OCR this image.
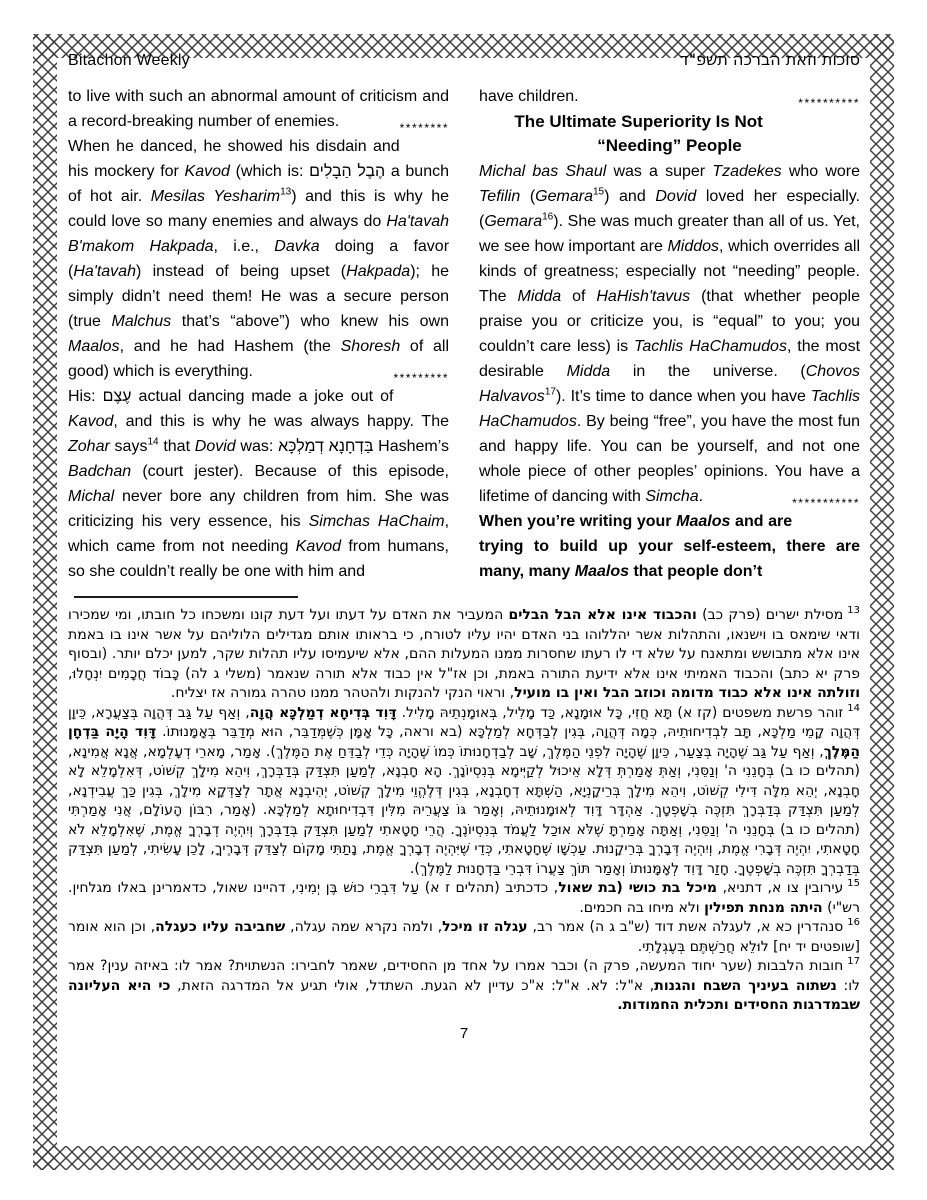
Bitachon Weekly	סוכות וזאת הברכה תשפ"ד

to live with such an abnormal amount of criticism and a record-breaking number of enemies.	********

When he danced, he showed his disdain and his mockery for Kavod (which is: הֶבֶל הַבָלִים a bunch of hot air. Mesilas Yesharim$^{13}$) and this is why he could love so many enemies and always do Ha'tavah B'makom Hakpada, i.e., Davka doing a favor (Ha'tavah) instead of being upset (Hakpada); he simply didn’t need them! He was a secure person (true Malchus that’s “above”) who knew his own Maalos, and he had Hashem (the Shoresh of all good) which is everything.	*********

His: עֶצֶם actual dancing made a joke out of Kavod, and this is why he was always happy. The Zohar says$^{14}$ that Dovid was: בַּדְחָנָא דְמַלְכָּא Hashem’s Badchan (court jester). Because of this episode, Michal never bore any children from him. She was criticizing his very essence, his Simchas HaChaim, which came from not needing Kavod from humans, so she couldn’t really be one with him and

have children.	**********

The Ultimate Superiority Is Not
“Needing” People

Michal bas Shaul was a super Tzadekes who wore Tefilin (Gemara$^{15}$) and Dovid loved her especially. (Gemara$^{16}$). She was much greater than all of us. Yet, we see how important are Middos, which overrides all kinds of greatness; especially not “needing” people. The Midda of HaHish'tavus (that whether people praise you or criticize you, is “equal” to you; you couldn’t care less) is Tachlis HaChamudos, the most desirable Midda in the universe. (Chovos Halvavos$^{17}$). It’s time to dance when you have Tachlis HaChamudos. By being “free”, you have the most fun and happy life. You can be yourself, and not one whole piece of other peoples’ opinions. You have a lifetime of dancing with Simcha.	***********

When you’re writing your Maalos and are trying to build up your self-esteem, there are many, many Maalos that people don’t

$^{13}$מסילת ישרים (פרק כב) והכבוד אינו אלא הבל הבלים המעביר את האדם על דעתו ועל דעת קונו ומשכחו כל חובתו, ומי שמכירו ודאי שימאס בו וישנאו, והתהלות אשר יהללוהו בני האדם יהיו עליו לטורח, כי בראותו אותם מגדילים הלוליהם על אשר אינו בו באמת אינו אלא מתבושש ומתאנח על שלא די לו רעתו שחסרות ממנו המעלות ההם, אלא שיעמיסו עליו תהלות שקר, למען יכלם יותר. (ובסוף פרק יא כתב) והכבוד האמיתי אינו אלא ידיעת התורה באמת, וכן אז"ל אין כבוד אלא תורה שנאמר (משלי ג לה) כָּבוֹד חֲכָמִים יִנְחָלוּ, וזולתה אינו אלא כבוד מדומה וכוזב הבל ואין בו מועיל, וראוי הנקי להנקות ולהטהר ממנו טהרה גמורה אז יצליח.
$^{14}$זוהר פרשת משפטים (קז א) תָּא חֲזִי, כָּל אוּמָנָא, כַּד מָלִיל, בְּאוּמָנְתֵיהּ מָלִיל. דָּוִד בְּדִיחָא דְמַלְכָּא הֲוָה, וְאַף עַל גַּב דְּהֲוָה בְּצַעֲרָא, כֵּיוָן דְּהֲוָה קָמֵי מַלְכָּא, תָּב לִבְדִיחוּתֵיהּ, כְּמָה דְּהֲוָה, בְּגִין לְבַדְּחָא לְמַלְכָּא (בא וראה, כָּל אָמָּן כְּשֶׁמְּדַבֵּר, הוּא מְדַבֵּר בְּאָמָּנוּתוֹ. דָּוִד הָיָה בַּדְחָן הַמֶּלֶךְ, וְאַף עַל גַּב שֶׁהָיָה בְּצַעַר, כֵּיוָן שֶׁהָיָה לִפְנֵי הַמֶּלֶךְ, שָׁב לְבַדְחָנוּתוֹ כְּמוֹ שֶׁהָיָה כְּדֵי לְבַדֵּחַ אֶת הַמֶּלֶךְ). אָמַר, מָארֵי דְעָלְמָא, אֲנָא אֲמִינָא, (תהלים כו ב) בְּחָנֵנִי ה' וְנַסֵּנִי, וְאַתְּ אָמַרְתְּ דְּלָא אֵיכוּל לְקַיְּימָא בְּנִסְיוֹנָךְ. הָא חָבְנָא, לְמַעַן תִּצְדַּק בְּדַבְּרָךְ, וִיהֵא מִילָךְ קְשׁוֹט, דְּאִלְמָלֵא לָא חָבְנָא, יְהֵא מִלָּה דִּילִי קְשׁוֹט, וִיהֵא מִילָךְ בְּרֵיקָנְיָא, הַשְׁתָּא דְחָבְנָא, בְּגִין דְּלֶהֱוֵי מִילָךְ קְשׁוֹט, יְהִיבְנָא אֲתָר לְצַדְּקָא מִילָךְ, בְּגִין כַּךְ עֲבִידְנָא, לְמַעַן תִּצְדַּק בְּדַבְּרָךְ תִּזְכֶּה בְשָׁפְטָךְ. אַהְדָּר דָּוִד לְאוּמָנוּתֵיהּ, וְאָמַר גּוֹ צַעֲרֵיהּ מִלִּין דִּבְדִיחוּתָא לְמַלְכָּא. (אָמַר, רִבּוֹן הָעוֹלָם, אֲנִי אָמַרְתִּי (תהלים כו ב) בְּחָנֵנִי ה' וְנַסֵּנִי, וְאַתָּה אָמַרְתָּ שֶׁלֹּא אוּכַל לַעֲמֹד בְּנִסְיוֹנֶךָ. הֲרֵי חָטָאתִי לְמַעַן תִּצְדַּק בְּדַבְּרָךְ וְיִהְיֶה דְבָרְךָ אֱמֶת, שֶׁאִלְמָלֵא לֹא חָטָאתִי, יִהְיֶה דְּבָרִי אֱמֶת, וְיִהְיֶה דְּבָרְךָ בְּרֵיקָנוּת. עַכְשָׁו שֶׁחָטָאתִי, כְּדֵי שֶׁיִּהְיֶה דְבָרְךָ אֱמֶת, נָתַתִּי מָקוֹם לְצַדֵּק דְּבָרֶיךָ, לָכֵן עָשִׂיתִי, לְמַעַן תִּצְדַּק בְּדַבְרְךָ תִּזְכֶּה בְשָׁפְטֶךָ. חָזַר דָּוִד לְאָמָּנוּתוֹ וְאָמַר תּוֹךְ צַעֲרוֹ דִּבְרֵי בַּדְחָנוּת לַמֶּלֶךְ).
$^{15}$עירובין צו א, דתניא, מיכל בת כושי (בת שאול, כדכתיב (תהלים ז א) עַל דִּבְרֵי כוּשׁ בֶּן יְמִינִי, דהיינו שאול, כדאמרינן באלו מגלחין. רש"י) היתה מנחת תפילין ולא מיחו בה חכמים.
$^{16}$סנהדרין כא א, לעגלה אשת דוד (ש"ב ג ה) אמר רב, עגלה זו מיכל, ולמה נקרא שמה עגלה, שחביבה עליו כעגלה, וכן הוא אומר [שופטים יד יח] לוּלֵא חֲרַשְׁתֶּם בְּעֶגְלָתִי.
$^{17}$חובות הלבבות (שער יחוד המעשה, פרק ה) וכבר אמרו על אחד מן החסידים, שאמר לחבירו: הנשתוית? אמר לו: באיזה ענין? אמר לו: נשתוה בעיניך השבח והגנות, א"ל: לא. א"ל: א"כ עדיין לא הגעת. השתדל, אולי תגיע אל המדרגה הזאת, כי היא העליונה שבמדרגות החסידים ותכלית החמודות.
7
